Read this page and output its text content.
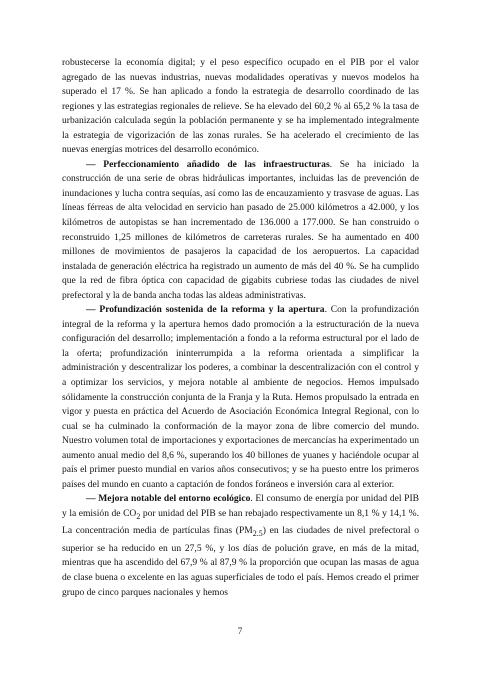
robustecerse la economía digital; y el peso específico ocupado en el PIB por el valor agregado de las nuevas industrias, nuevas modalidades operativas y nuevos modelos ha superado el 17 %. Se han aplicado a fondo la estrategia de desarrollo coordinado de las regiones y las estrategias regionales de relieve. Se ha elevado del 60,2 % al 65,2 % la tasa de urbanización calculada según la población permanente y se ha implementado integralmente la estrategia de vigorización de las zonas rurales. Se ha acelerado el crecimiento de las nuevas energías motrices del desarrollo económico.

— Perfeccionamiento añadido de las infraestructuras. Se ha iniciado la construcción de una serie de obras hidráulicas importantes, incluidas las de prevención de inundaciones y lucha contra sequías, así como las de encauzamiento y trasvase de aguas. Las líneas férreas de alta velocidad en servicio han pasado de 25.000 kilómetros a 42.000, y los kilómetros de autopistas se han incrementado de 136.000 a 177.000. Se han construido o reconstruido 1,25 millones de kilómetros de carreteras rurales. Se ha aumentado en 400 millones de movimientos de pasajeros la capacidad de los aeropuertos. La capacidad instalada de generación eléctrica ha registrado un aumento de más del 40 %. Se ha cumplido que la red de fibra óptica con capacidad de gigabits cubriese todas las ciudades de nivel prefectoral y la de banda ancha todas las aldeas administrativas.

— Profundización sostenida de la reforma y la apertura. Con la profundización integral de la reforma y la apertura hemos dado promoción a la estructuración de la nueva configuración del desarrollo; implementación a fondo a la reforma estructural por el lado de la oferta; profundización ininterrumpida a la reforma orientada a simplificar la administración y descentralizar los poderes, a combinar la descentralización con el control y a optimizar los servicios, y mejora notable al ambiente de negocios. Hemos impulsado sólidamente la construcción conjunta de la Franja y la Ruta. Hemos propulsado la entrada en vigor y puesta en práctica del Acuerdo de Asociación Económica Integral Regional, con lo cual se ha culminado la conformación de la mayor zona de libre comercio del mundo. Nuestro volumen total de importaciones y exportaciones de mercancías ha experimentado un aumento anual medio del 8,6 %, superando los 40 billones de yuanes y haciéndole ocupar al país el primer puesto mundial en varios años consecutivos; y se ha puesto entre los primeros países del mundo en cuanto a captación de fondos foráneos e inversión cara al exterior.

— Mejora notable del entorno ecológico. El consumo de energía por unidad del PIB y la emisión de $CO_2$ por unidad del PIB se han rebajado respectivamente un 8,1 % y 14,1 %. La concentración media de partículas finas $(PM_{2.5})$ en las ciudades de nivel prefectoral o superior se ha reducido en un 27,5 %, y los días de polución grave, en más de la mitad, mientras que ha ascendido del 67,9 % al 87,9 % la proporción que ocupan las masas de agua de clase buena o excelente en las aguas superficiales de todo el país. Hemos creado el primer grupo de cinco parques nacionales y hemos

7
